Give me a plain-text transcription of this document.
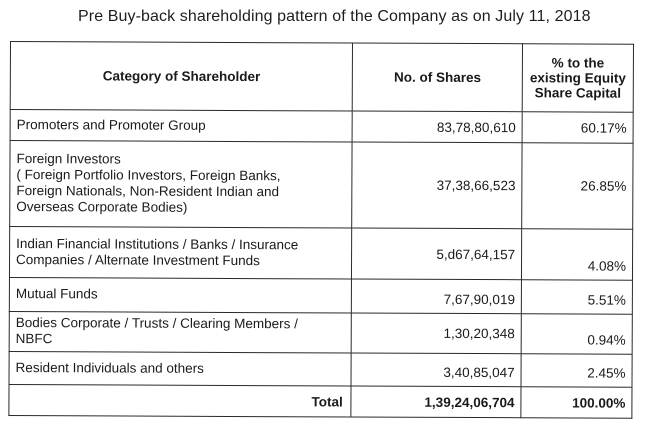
Pre Buy-back shareholding pattern of the Company as on July 11, 2018
Category of Shareholder	No. of Shares	% to the
existing Equity
Share Capital
Promoters and Promoter Group	83,78,80,610	60.17%

Foreign Investors
( Foreign Portfolio Investors, Foreign Banks,
Foreign Nationals, Non-Resident Indian and
Overseas Corporate Bodies)	37,38,66,523	26.85%

Indian Financial Institutions / Banks / Insurance
Companies / Alternate Investment Funds	5,d67,64,157	4.08%
Mutual Funds	7,67,90,019	5.51%

Bodies Corporate / Trusts / Clearing Members /
NBFC	1,30,20,348	0.94%
Resident Individuals and others	3,40,85,047	2.45%
Total	1,39,24,06,704	100.00%
